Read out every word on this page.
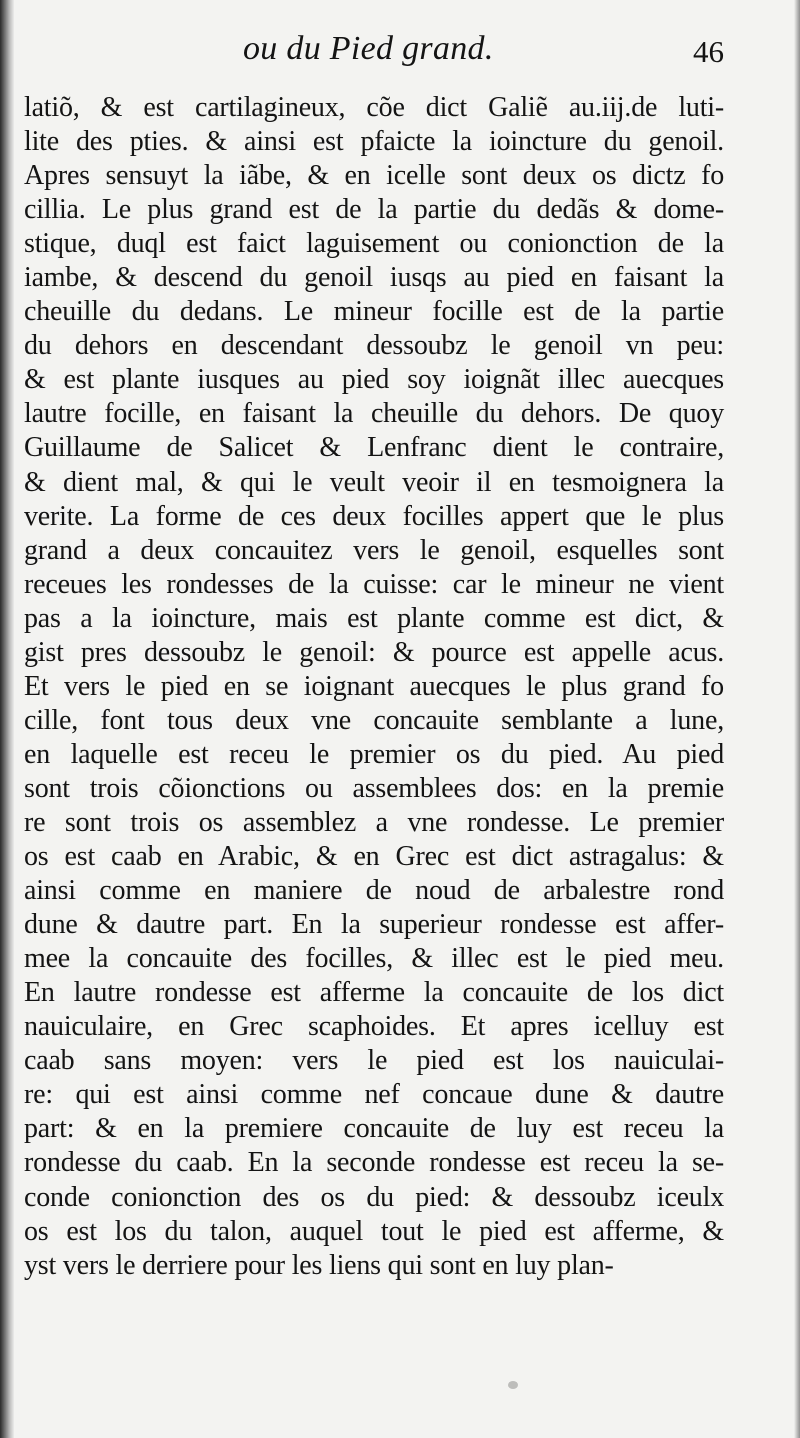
ou du Pied grand.	46
latiõ, & est cartilagineux, cõe dict Galiẽ au.iij.de luti-
lite des pties. & ainsi est pfaicte la ioincture du genoil.
Apres sensuyt la iãbe, & en icelle sont deux os dictz fo
cillia. Le plus grand est de la partie du dedãs & dome-
stique, duql est faict laguisement ou conionction de la
iambe, & descend du genoil iusqs au pied en faisant la
cheuille du dedans. Le mineur focille est de la partie
du dehors en descendant dessoubz le genoil vn peu:
& est plante iusques au pied soy ioignãt illec auecques
lautre focille, en faisant la cheuille du dehors. De quoy
Guillaume de Salicet & Lenfranc dient le contraire,
& dient mal, & qui le veult veoir il en tesmoignera la
verite. La forme de ces deux focilles appert que le plus
grand a deux concauitez vers le genoil, esquelles sont
receues les rondesses de la cuisse: car le mineur ne vient
pas a la ioincture, mais est plante comme est dict, &
gist pres dessoubz le genoil: & pource est appelle acus.
Et vers le pied en se ioignant auecques le plus grand fo
cille, font tous deux vne concauite semblante a lune,
en laquelle est receu le premier os du pied. Au pied
sont trois cõionctions ou assemblees dos: en la premie
re sont trois os assemblez a vne rondesse. Le premier
os est caab en Arabic, & en Grec est dict astragalus: &
ainsi comme en maniere de noud de arbalestre rond
dune & dautre part. En la superieur rondesse est affer-
mee la concauite des focilles, & illec est le pied meu.
En lautre rondesse est afferme la concauite de los dict
nauiculaire, en Grec scaphoides. Et apres icelluy est
caab sans moyen: vers le pied est los nauiculai-
re: qui est ainsi comme nef concaue dune & dautre
part: & en la premiere concauite de luy est receu la
rondesse du caab. En la seconde rondesse est receu la se-
conde conionction des os du pied: & dessoubz iceulx
os est los du talon, auquel tout le pied est afferme, &
yst vers le derriere pour les liens qui sont en luy plan-
